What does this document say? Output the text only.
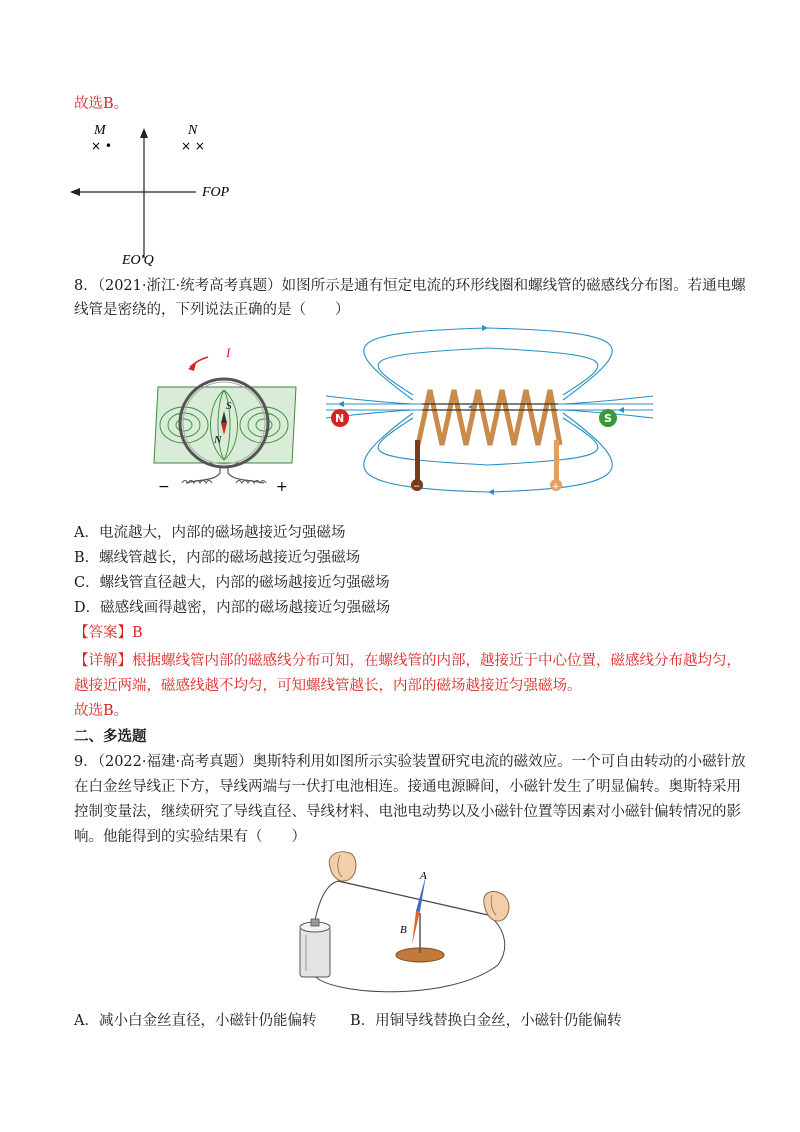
故选B。
M
× •
N
× ×
FOP
EO'Q
8．（2021·浙江·统考高考真题）如图所示是通有恒定电流的环形线圈和螺线管的磁感线分布图。若通电螺
线管是密绕的，下列说法正确的是（　　）
I
S
N
−	+	−	+
N	S
A．电流越大，内部的磁场越接近匀强磁场
B．螺线管越长，内部的磁场越接近匀强磁场
C．螺线管直径越大，内部的磁场越接近匀强磁场
D．磁感线画得越密，内部的磁场越接近匀强磁场
【答案】B
【详解】根据螺线管内部的磁感线分布可知，在螺线管的内部，越接近于中心位置，磁感线分布越均匀，
越接近两端，磁感线越不均匀，可知螺线管越长，内部的磁场越接近匀强磁场。
故选B。
二、多选题
9．（2022·福建·高考真题）奥斯特利用如图所示实验装置研究电流的磁效应。一个可自由转动的小磁针放
在白金丝导线正下方，导线两端与一伏打电池相连。接通电源瞬间，小磁针发生了明显偏转。奥斯特采用
控制变量法，继续研究了导线直径、导线材料、电池电动势以及小磁针位置等因素对小磁针偏转情况的影
响。他能得到的实验结果有（　　）
A
B
A．减小白金丝直径，小磁针仍能偏转 B．用铜导线替换白金丝，小磁针仍能偏转
